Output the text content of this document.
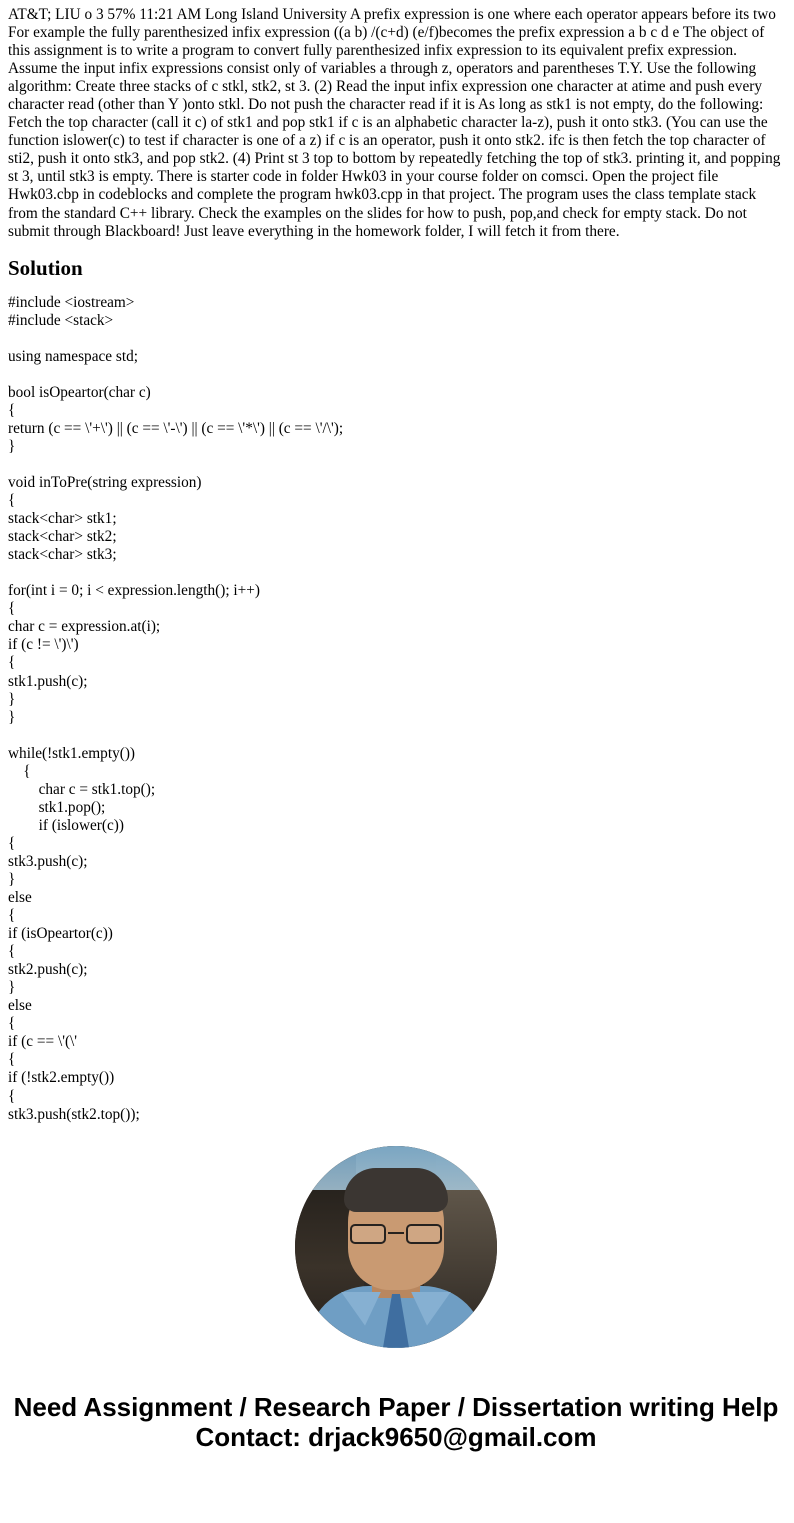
AT&T; LIU o 3 57% 11:21 AM Long Island University A prefix expression is one where each operator appears before its two For example the fully parenthesized infix expression ((a b) /(c+d) (e/f)becomes the prefix expression a b c d e The object of this assignment is to write a program to convert fully parenthesized infix expression to its equivalent prefix expression. Assume the input infix expressions consist only of variables a through z, operators and parentheses T.Y. Use the following algorithm: Create three stacks of c stkl, stk2, st 3. (2) Read the input infix expression one character at atime and push every character read (other than Y )onto stkl. Do not push the character read if it is As long as stk1 is not empty, do the following: Fetch the top character (call it c) of stk1 and pop stk1 if c is an alphabetic character la-z), push it onto stk3. (You can use the function islower(c) to test if character is one of a z) if c is an operator, push it onto stk2. ifc is then fetch the top character of sti2, push it onto stk3, and pop stk2. (4) Print st 3 top to bottom by repeatedly fetching the top of stk3. printing it, and popping st 3, until stk3 is empty. There is starter code in folder Hwk03 in your course folder on comsci. Open the project file Hwk03.cbp in codeblocks and complete the program hwk03.cpp in that project. The program uses the class template stack from the standard C++ library. Check the examples on the slides for how to push, pop,and check for empty stack. Do not submit through Blackboard! Just leave everything in the homework folder, I will fetch it from there.

Solution
#include <iostream>
#include <stack>
using namespace std;
bool isOpeartor(char c)
{
return (c == \'+\') || (c == \'-\') || (c == \'*\') || (c == \'/\');
}
void inToPre(string expression)
{
stack<char> stk1;
stack<char> stk2;
stack<char> stk3;
for(int i = 0; i < expression.length(); i++)
{
char c = expression.at(i);
if (c != \')\')
{
stk1.push(c);
}
}
while(!stk1.empty())
{
char c = stk1.top();
stk1.pop();
if (islower(c))
{
stk3.push(c);
}
else
{
if (isOpeartor(c))
{
stk2.push(c);
}
else
{
if (c == \'(\'
{
if (!stk2.empty())
{
stk3.push(stk2.top());
Need Assignment / Research Paper / Dissertation writing Help
Contact: drjack9650@gmail.com
